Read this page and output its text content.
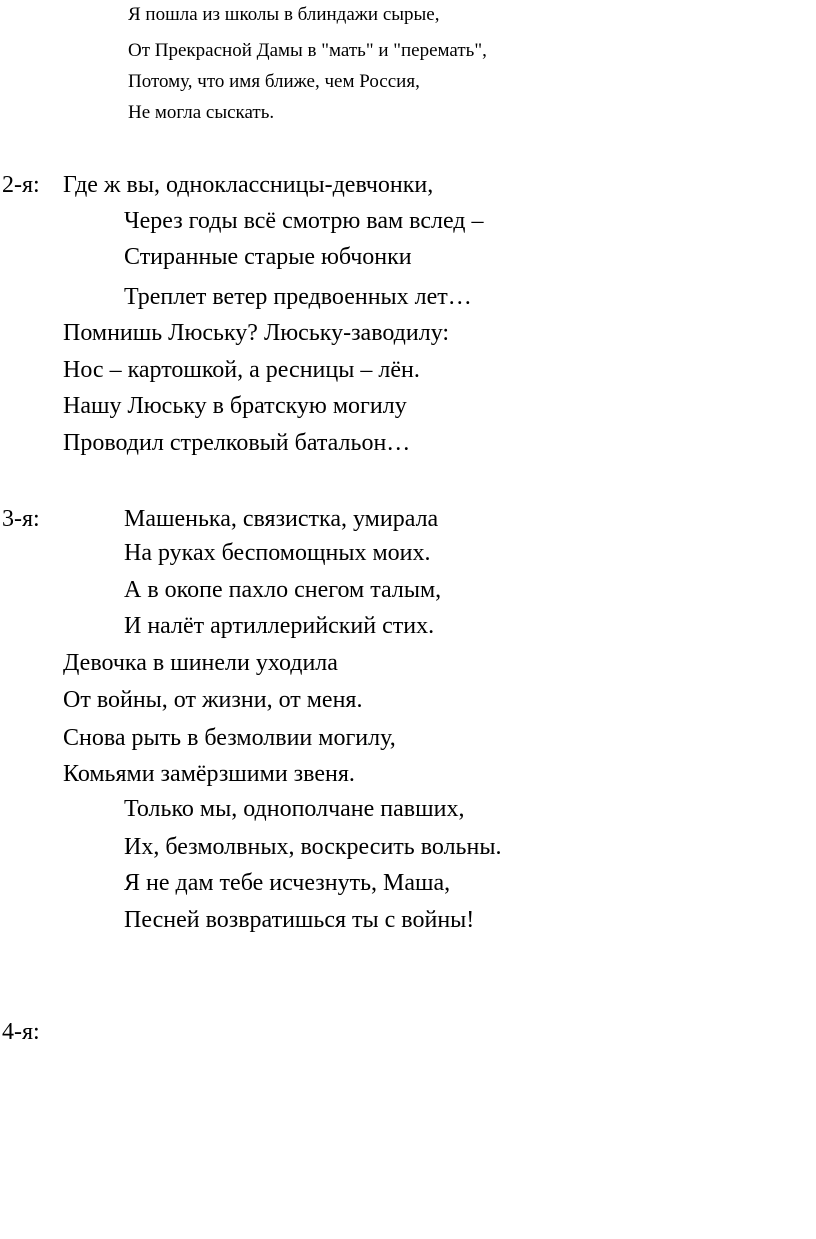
Я пошла из школы в блиндажи сырые,
От Прекрасной Дамы в "мать" и "перемать",
Потому, что имя ближе, чем Россия,
Не могла сыскать.
2-я: Где ж вы, одноклассницы-девчонки,
Через годы всё смотрю вам вслед –
Стиранные старые юбчонки
Треплет ветер предвоенных лет…
Помнишь Люську? Люську-заводилу:
Нос – картошкой, а ресницы – лён.
Нашу Люську в братскую могилу
Проводил стрелковый батальон…
3-я:	Машенька, связистка, умирала
На руках беспомощных моих.
А в окопе пахло снегом талым,
И налёт артиллерийский стих.
Девочка в шинели уходила
От войны, от жизни, от меня.
Снова рыть в безмолвии могилу,
Комьями замёрзшими звеня.
Только мы, однополчане павших,
Их, безмолвных, воскресить вольны.
Я не дам тебе исчезнуть, Маша,
Песней возвратишься ты с войны!
4-я:
